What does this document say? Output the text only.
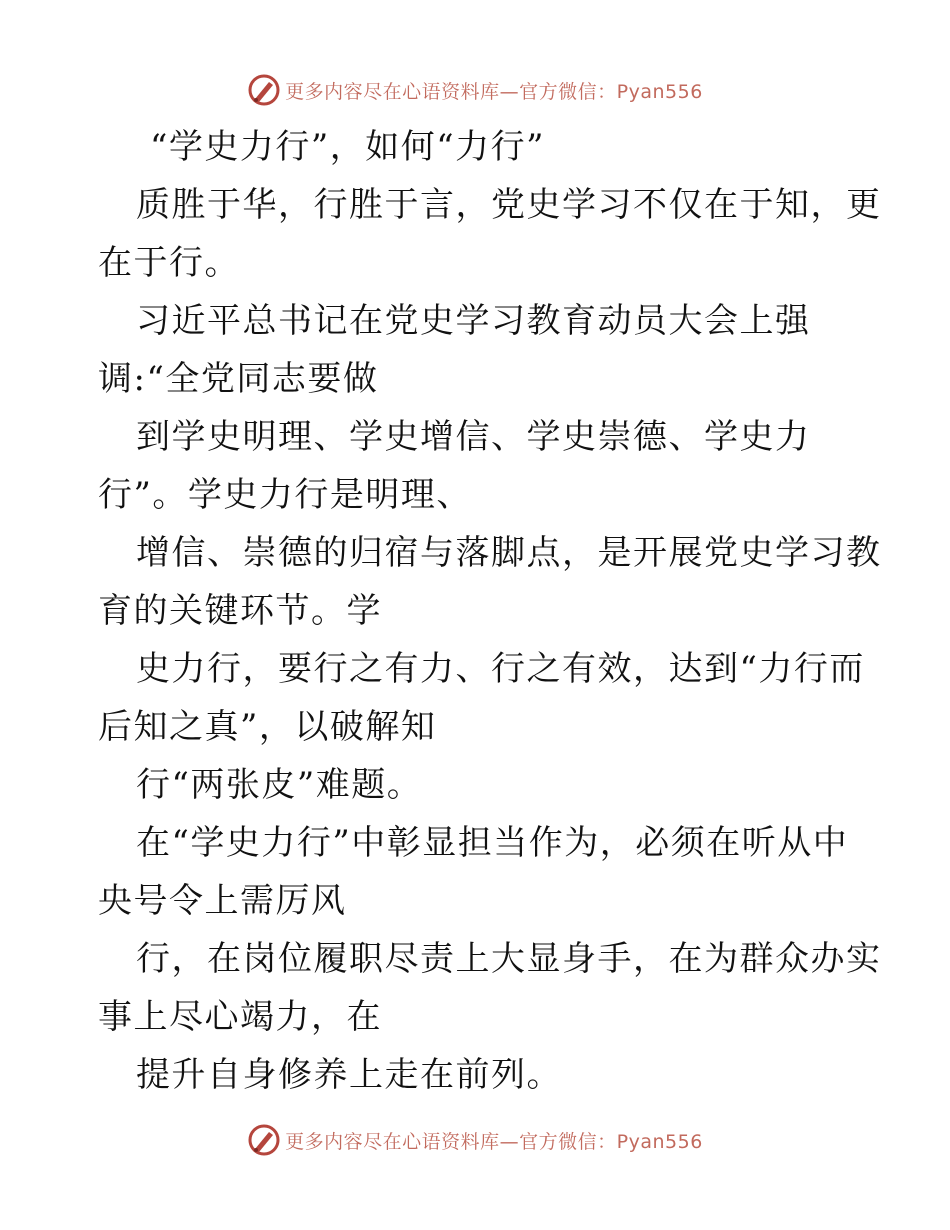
更多内容尽在心语资料库—官方微信：Pyan556
“学史力行”，如何“力行”
质胜于华，行胜于言，党史学习不仅在于知，更
在于行。
习近平总书记在党史学习教育动员大会上强
调:“全党同志要做
到学史明理、学史增信、学史崇德、学史力
行”。学史力行是明理、
增信、崇德的归宿与落脚点，是开展党史学习教
育的关键环节。学
史力行，要行之有力、行之有效，达到“力行而
后知之真”，以破解知
行“两张皮”难题。
在“学史力行”中彰显担当作为，必须在听从中
央号令上需厉风
行，在岗位履职尽责上大显身手，在为群众办实
事上尽心竭力，在
提升自身修养上走在前列。
更多内容尽在心语资料库—官方微信：Pyan556
